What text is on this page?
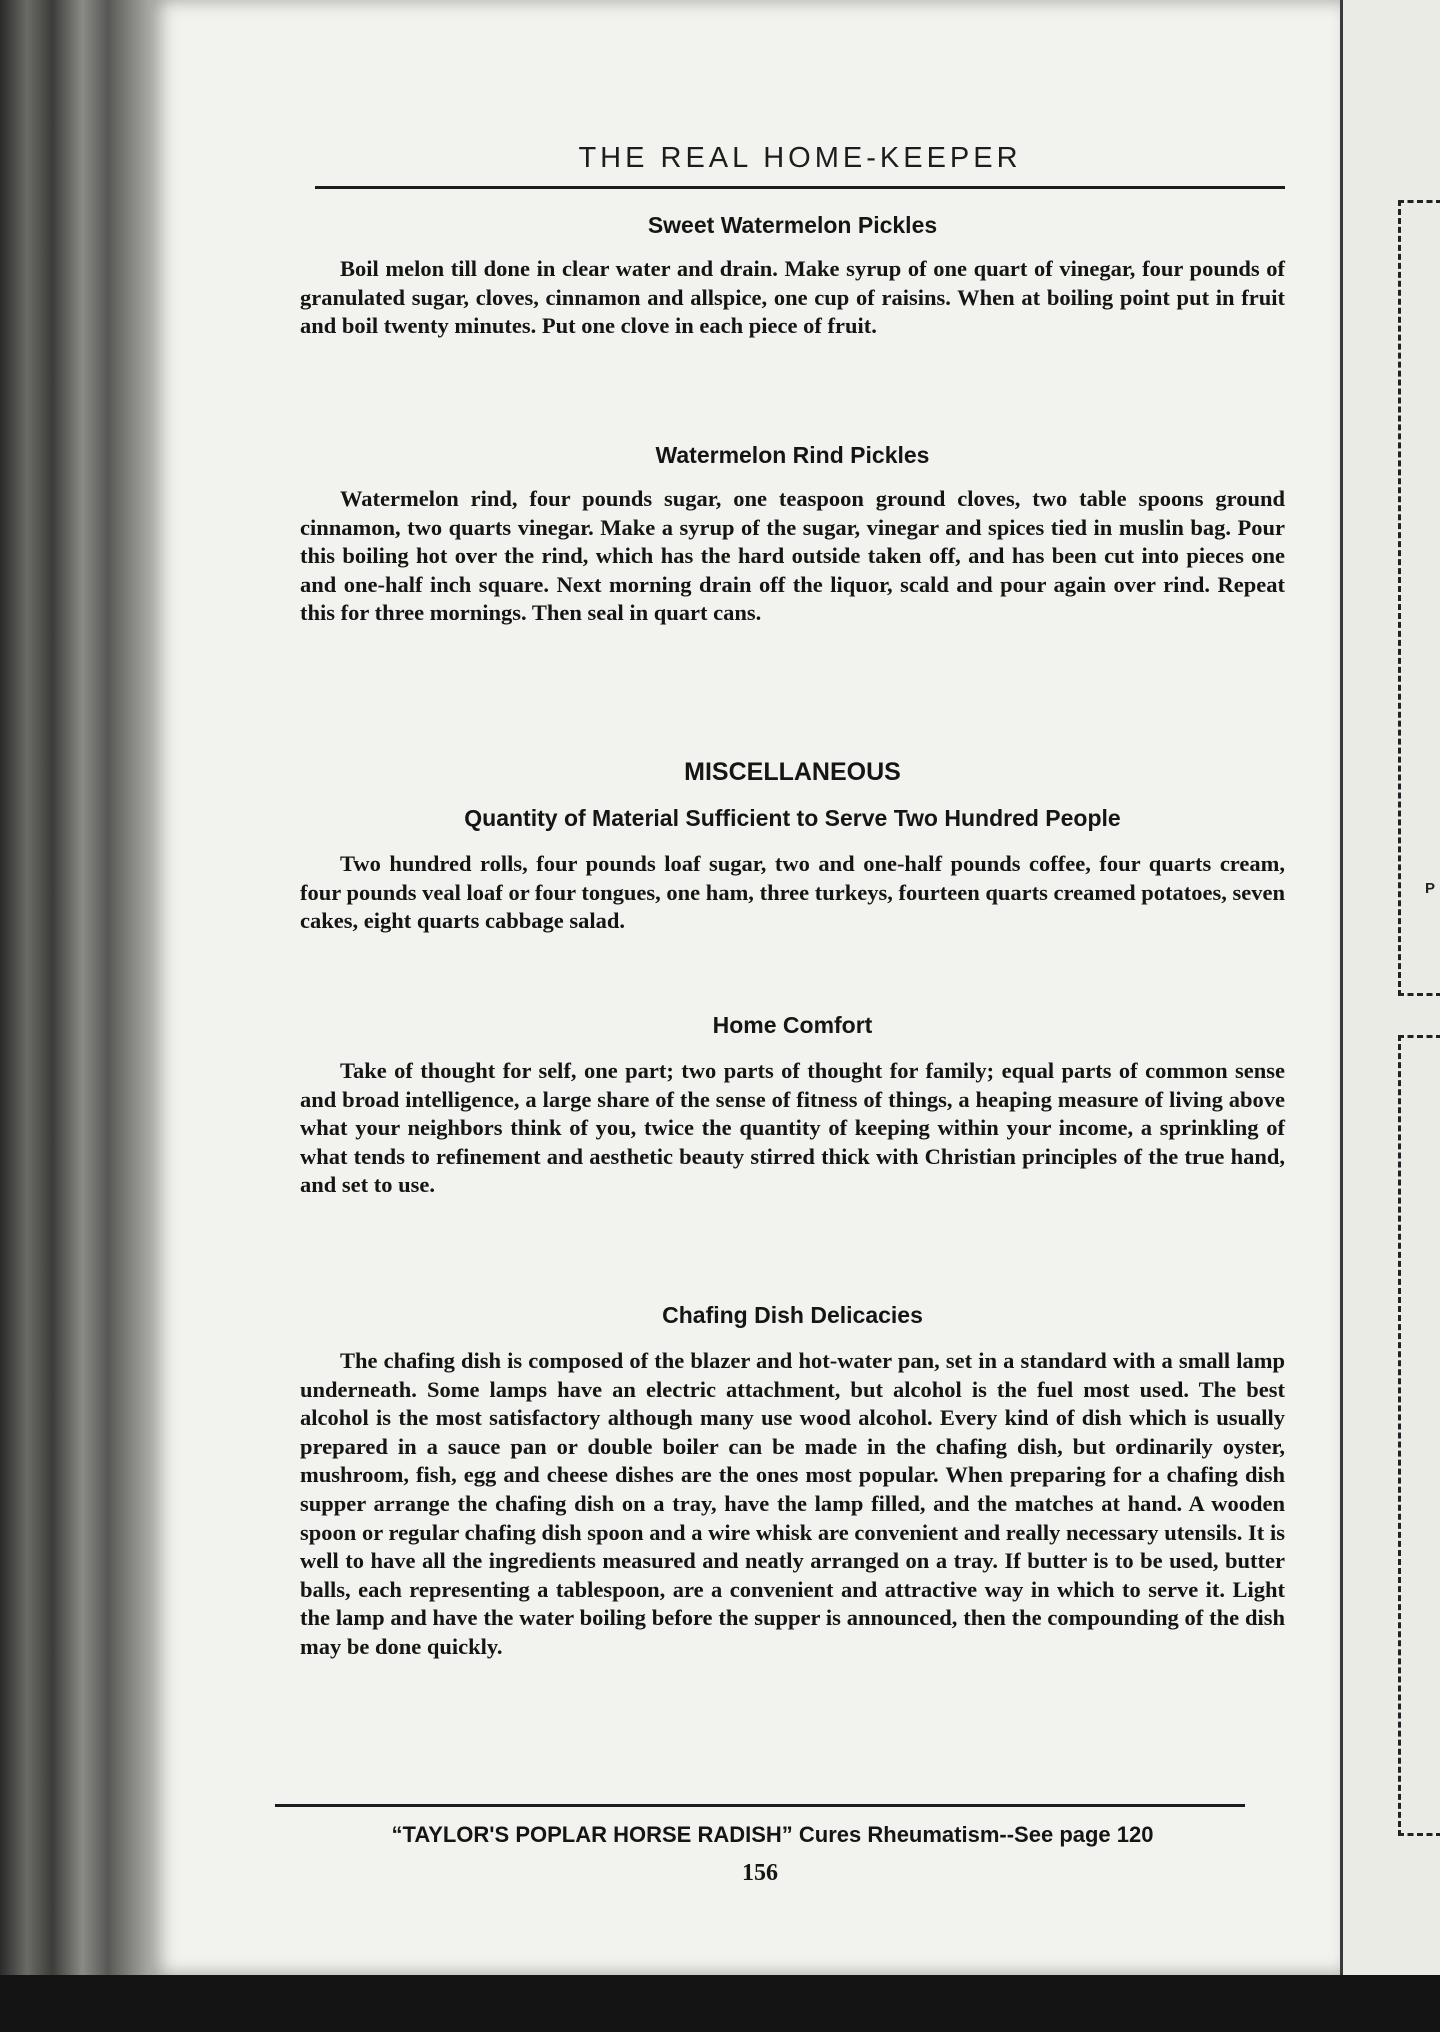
P
THE REAL HOME-KEEPER
Sweet Watermelon Pickles

Boil melon till done in clear water and drain. Make syrup of one quart of vinegar, four pounds of granulated sugar, cloves, cinnamon and allspice, one cup of raisins. When at boiling point put in fruit and boil twenty minutes. Put one clove in each piece of fruit.

Watermelon Rind Pickles

Watermelon rind, four pounds sugar, one teaspoon ground cloves, two table spoons ground cinnamon, two quarts vinegar. Make a syrup of the sugar, vinegar and spices tied in muslin bag. Pour this boiling hot over the rind, which has the hard outside taken off, and has been cut into pieces one and one-half inch square. Next morning drain off the liquor, scald and pour again over rind. Repeat this for three mornings. Then seal in quart cans.

MISCELLANEOUS
Quantity of Material Sufficient to Serve Two Hundred People

Two hundred rolls, four pounds loaf sugar, two and one-half pounds coffee, four quarts cream, four pounds veal loaf or four tongues, one ham, three turkeys, fourteen quarts creamed potatoes, seven cakes, eight quarts cabbage salad.

Home Comfort

Take of thought for self, one part; two parts of thought for family; equal parts of common sense and broad intelligence, a large share of the sense of fitness of things, a heaping measure of living above what your neighbors think of you, twice the quantity of keeping within your income, a sprinkling of what tends to refinement and aesthetic beauty stirred thick with Christian principles of the true hand, and set to use.

Chafing Dish Delicacies

The chafing dish is composed of the blazer and hot-water pan, set in a standard with a small lamp underneath. Some lamps have an electric attachment, but alcohol is the fuel most used. The best alcohol is the most satisfactory although many use wood alcohol. Every kind of dish which is usually prepared in a sauce pan or double boiler can be made in the chafing dish, but ordinarily oyster, mushroom, fish, egg and cheese dishes are the ones most popular. When preparing for a chafing dish supper arrange the chafing dish on a tray, have the lamp filled, and the matches at hand. A wooden spoon or regular chafing dish spoon and a wire whisk are convenient and really necessary utensils. It is well to have all the ingredients measured and neatly arranged on a tray. If butter is to be used, butter balls, each representing a tablespoon, are a convenient and attractive way in which to serve it. Light the lamp and have the water boiling before the supper is announced, then the compounding of the dish may be done quickly.

“TAYLOR'S POPLAR HORSE RADISH” Cures Rheumatism--See page 120
156
